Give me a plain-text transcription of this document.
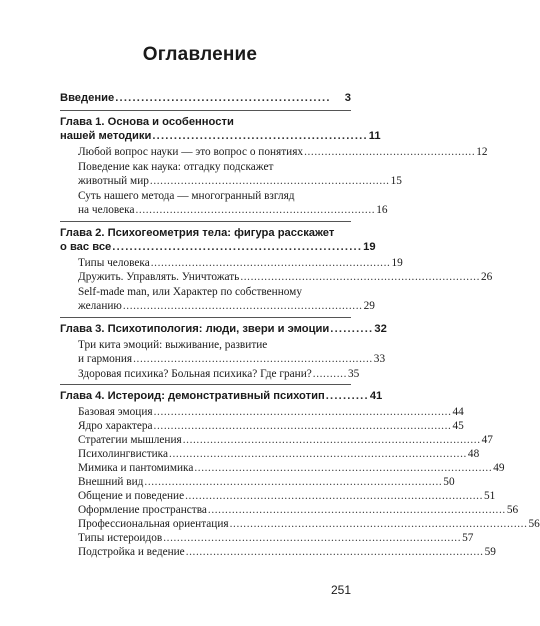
Оглавление
Введение ..................................................	3
Глава 1. Основа и особенности
нашей методики .................................................. 11
Любой вопрос науки — это вопрос о понятиях .................................................. 12
Поведение как наука: отгадку подскажет
животный мир ...................................................................... 15
Суть нашего метода — многогранный взгляд
на человека ...................................................................... 16
Глава 2. Психогеометрия тела: фигура расскажет
о вас все .......................................................... 19
Типы человека ...................................................................... 19
Дружить. Управлять. Уничтожать ...................................................................... 26
Self-made man, или Характер по собственному
желанию ...................................................................... 29
Глава 3. Психотипология: люди, звери и эмоции .......... 32
Три кита эмоций: выживание, развитие
и гармония ...................................................................... 33
Здоровая психика? Больная психика? Где грани? .......... 35
Глава 4. Истероид: демонстративный психотип .......... 41
Базовая эмоция ....................................................................................... 44
Ядро характера ....................................................................................... 45
Стратегии мышления ....................................................................................... 47
Психолингвистика ....................................................................................... 48
Мимика и пантомимика ....................................................................................... 49
Внешний вид ....................................................................................... 50
Общение и поведение ....................................................................................... 51
Оформление пространства ....................................................................................... 56
Профессиональная ориентация ....................................................................................... 56
Типы истероидов ....................................................................................... 57
Подстройка и ведение ....................................................................................... 59
251
